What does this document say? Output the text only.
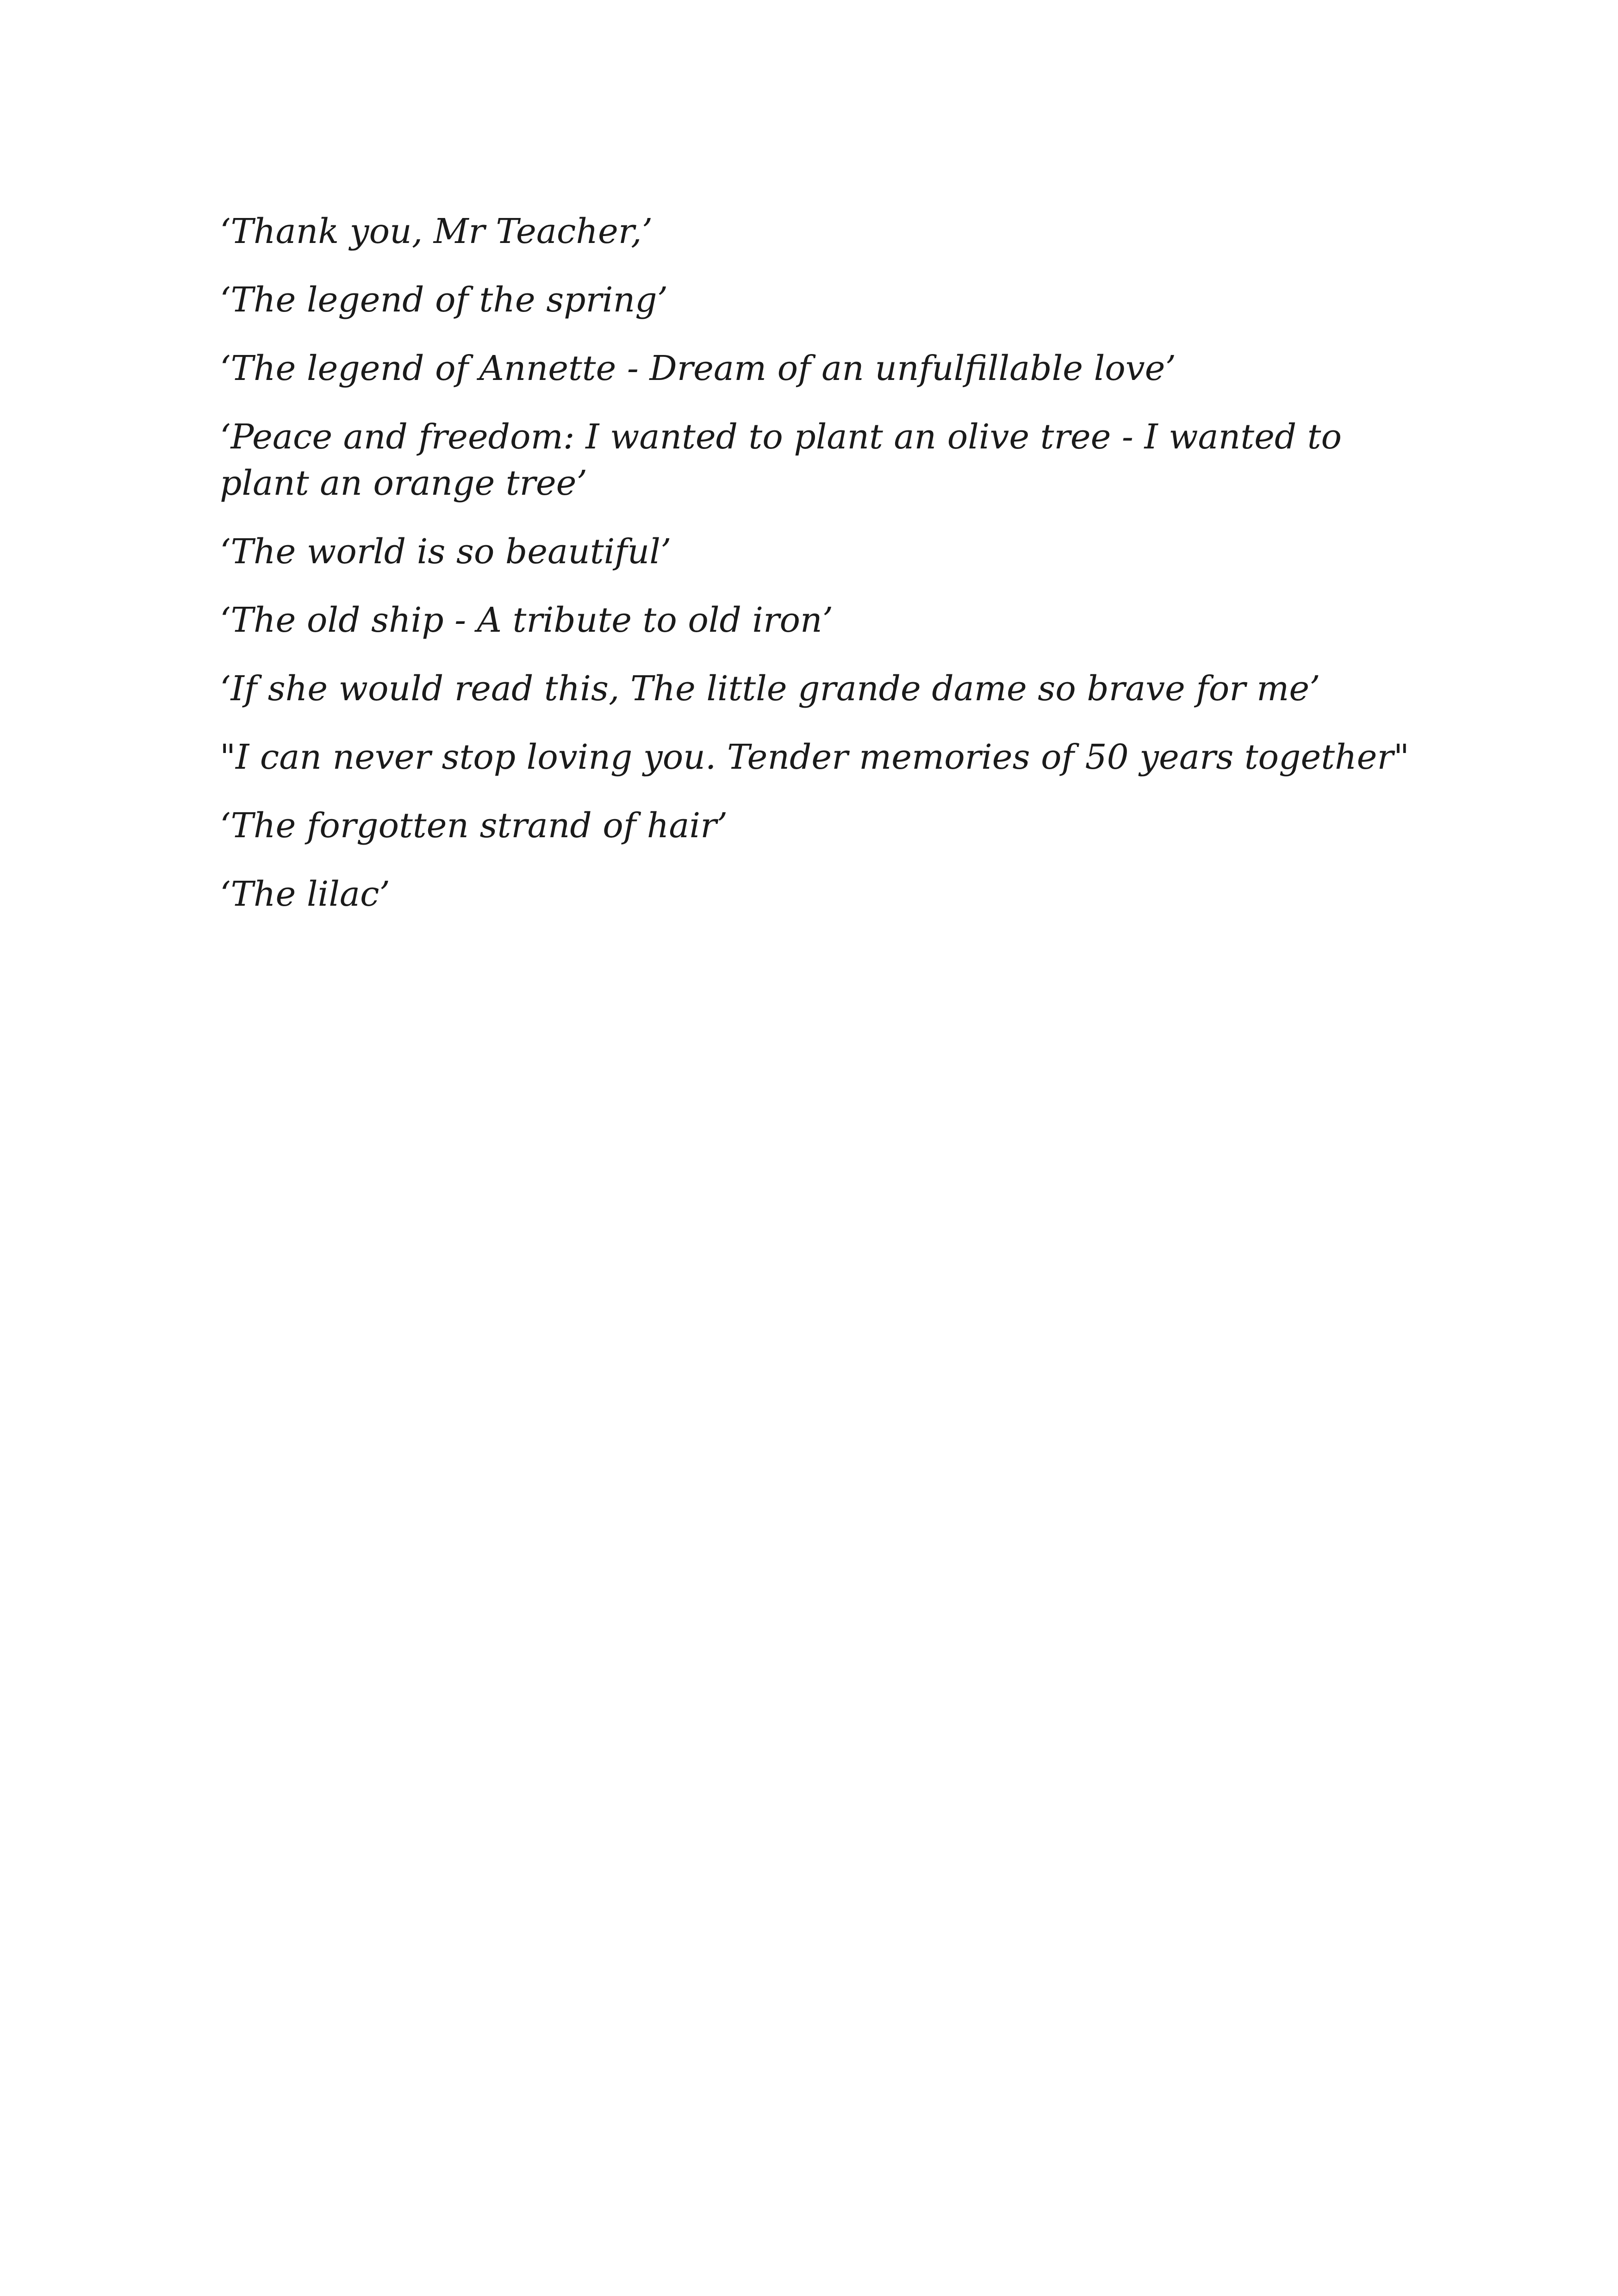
‘Thank you, Mr Teacher,’
‘The legend of the spring’
‘The legend of Annette - Dream of an unfulfillable love’
‘Peace and freedom: I wanted to plant an olive tree - I wanted to plant an orange tree’
‘The world is so beautiful’
‘The old ship - A tribute to old iron’
‘If she would read this, The little grande dame so brave for me’
"I can never stop loving you. Tender memories of 50 years together"
‘The forgotten strand of hair’
‘The lilac’
